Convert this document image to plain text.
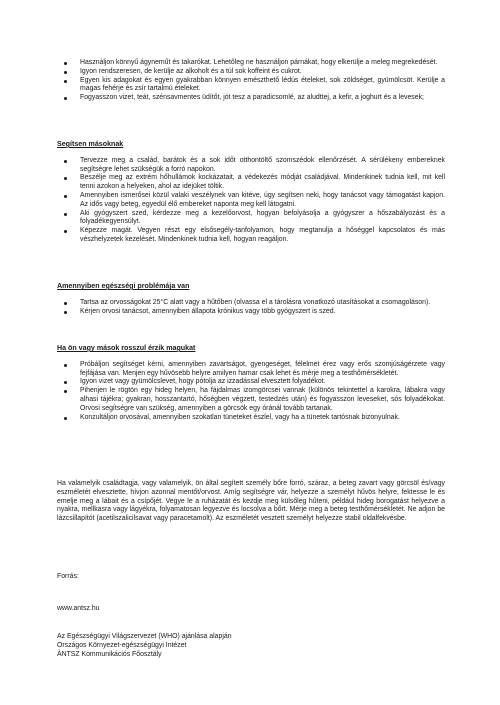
Használjon könnyű ágyneműt és takarókat. Lehetőleg ne használjon párnákat, hogy elkerülje a meleg megrekedését.
Igyon rendszeresen, de kerülje az alkoholt és a túl sok koffeint és cukrot.
Egyen kis adagokat és egyen gyakrabban könnyen emészthető lédús ételeket, sok zöldséget, gyümölcsöt. Kerülje a magas fehérje és zsír tartalmú ételeket.
Fogyasszon vizet, teát, szénsavmentes üdítőt, jót tesz a paradicsomlé, az aludttej, a kefir, a joghurt és a levesek;
Segítsen másoknak
Tervezze meg a család, barátok és a sok időt otthontöltő szomszédok ellenőrzését. A sérülékeny embereknek segítségre lehet szükségük a forró napokon.
Beszélje meg az extrém hőhullámok kockázatait, a védekezés módját családjával. Mindenkinek tudnia kell, mit kell tenni azokon a helyeken, ahol az idejüket töltik.
Amennyiben ismerősei közül valaki veszélynek van kitéve, úgy segítsen neki, hogy tanácsot vagy támogatást kapjon. Az idős vagy beteg, egyedül élő embereket naponta meg kell látogatni.
Aki gyógyszert szed, kérdezze meg a kezelőorvost, hogyan befolyásolja a gyógyszer a hőszabályozást és a folyadékegyensúlyt.
Képezze magát. Vegyen részt egy elsősegély-tanfolyamon, hogy megtanulja a hőséggel kapcsolatos és más vészhelyzetek kezelését. Mindenkinek tudnia kell, hogyan reagáljon.
Amennyiben egészségi problémája van
Tartsa az orvosságokat 25°C alatt vagy a hűtőben (olvassa el a tárolásra vonatkozó utasításokat a csomagoláson).
Kérjen orvosi tanácsot, amennyiben állapota krónikus vagy több gyógyszert is szed.
Ha ön vagy mások rosszul érzik magukat
Próbáljon segítséget kérni, amennyiben zavartságot, gyengeséget, félelmet érez vagy erős szomjúságérzete vagy fejfájása van. Menjen egy hűvösebb helyre amilyen hamar csak lehet és mérje meg a testhőmérsékletét.
Igyon vizet vagy gyümölcslevet, hogy pótolja az izzadással elvesztett folyadékot.
Pihenjen le rögtön egy hideg helyen, ha fájdalmas izomgörcsei vannak (különös tekintettel a karokra, lábakra vagy alhasi tájékra; gyakran, hosszantartó, hőségben végzett, testedzés után) és fogyasszon leveseket, sós folyadékokat. Orvosi segítségre van szükség, amennyiben a görcsök egy óránál tovább tartanak.
Konzultáljon orvosával, amennyiben szokatlan tüneteket észlel, vagy ha a tünetek tartósnak bizonyulnak.
Ha valamelyik családtagja, vagy valamelyik, ön által segített személy bőre forró, száraz, a beteg zavart vagy görcsöl és/vagy eszméletét elvesztette, hívjon azonnal mentőt/orvost. Amíg segítségre vár, helyezze a személyt hűvös helyre, fektesse le és emelje meg a lábait és a csípőjét. Vegye le a ruházatát és kezdje meg külsőleg hűteni, például hideg borogatást helyezve a nyakra, mellkasra vagy lágyékra, folyamatosan legyezve és locsolva a bőrt. Mérje meg a beteg testhőmérsékletét. Ne adjon be lázcsillapítót (acetilszalicilsavat vagy paracetamolt). Az eszméletét vesztett személyt helyezze stabil oldalfekvésbe.
Forrás:
www.antsz.hu
Az Egészségügyi Világszervezet (WHO) ajánlása alapján
Országos Környezet-egészségügyi Intézet
ÁNTSZ Kommunikációs Főosztály
